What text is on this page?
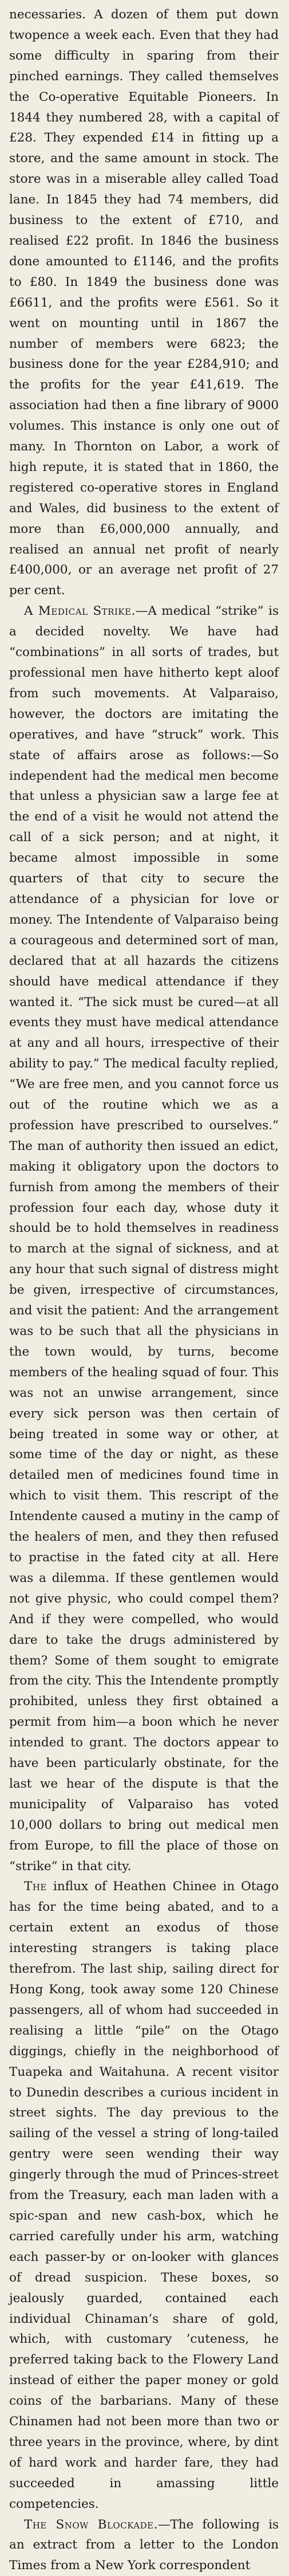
necessaries. A dozen of them put down twopence a week each. Even that they had some difficulty in sparing from their pinched earnings. They called themselves the Co-operative Equitable Pioneers. In 1844 they numbered 28, with a capital of £28. They expended £14 in fitting up a store, and the same amount in stock. The store was in a miserable alley called Toad lane. In 1845 they had 74 members, did business to the extent of £710, and realised £22 profit. In 1846 the business done amounted to £1146, and the profits to £80. In 1849 the business done was £6611, and the profits were £561. So it went on mounting until in 1867 the number of members were 6823; the business done for the year £284,910; and the profits for the year £41,619. The association had then a fine library of 9000 volumes. This instance is only one out of many. In Thornton on Labor, a work of high repute, it is stated that in 1860, the registered co-operative stores in England and Wales, did business to the extent of more than £6,000,000 annually, and realised an annual net profit of nearly £400,000, or an average net profit of 27 per cent.

A Medical Strike.—A medical “strike” is a decided novelty. We have had “combinations” in all sorts of trades, but professional men have hitherto kept aloof from such movements. At Valparaiso, however, the doctors are imitating the operatives, and have “struck” work. This state of affairs arose as follows:—So independent had the medical men become that unless a physician saw a large fee at the end of a visit he would not attend the call of a sick person; and at night, it became almost impossible in some quarters of that city to secure the attendance of a physician for love or money. The Intendente of Valparaiso being a courageous and determined sort of man, declared that at all hazards the citizens should have medical attendance if they wanted it. “The sick must be cured—at all events they must have medical attendance at any and all hours, irrespective of their ability to pay.” The medical faculty replied, “We are free men, and you cannot force us out of the routine which we as a profession have prescribed to ourselves.” The man of authority then issued an edict, making it obligatory upon the doctors to furnish from among the members of their profession four each day, whose duty it should be to hold themselves in readiness to march at the signal of sickness, and at any hour that such signal of distress might be given, irrespective of circumstances, and visit the patient: And the arrangement was to be such that all the physicians in the town would, by turns, become members of the healing squad of four. This was not an unwise arrangement, since every sick person was then certain of being treated in some way or other, at some time of the day or night, as these detailed men of medicines found time in which to visit them. This rescript of the Intendente caused a mutiny in the camp of the healers of men, and they then refused to practise in the fated city at all. Here was a dilemma. If these gentlemen would not give physic, who could compel them? And if they were compelled, who would dare to take the drugs administered by them? Some of them sought to emigrate from the city. This the Intendente promptly prohibited, unless they first obtained a permit from him—a boon which he never intended to grant. The doctors appear to have been particularly obstinate, for the last we hear of the dispute is that the municipality of Valparaiso has voted 10,000 dollars to bring out medical men from Europe, to fill the place of those on “strike” in that city.

The influx of Heathen Chinee in Otago has for the time being abated, and to a certain extent an exodus of those interesting strangers is taking place therefrom. The last ship, sailing direct for Hong Kong, took away some 120 Chinese passengers, all of whom had succeeded in realising a little “pile” on the Otago diggings, chiefly in the neighborhood of Tuapeka and Waitahuna. A recent visitor to Dunedin describes a curious incident in street sights. The day previous to the sailing of the vessel a string of long-tailed gentry were seen wending their way gingerly through the mud of Princes-street from the Treasury, each man laden with a spic-span and new cash-box, which he carried carefully under his arm, watching each passer-by or on-looker with glances of dread suspicion. These boxes, so jealously guarded, contained each individual Chinaman’s share of gold, which, with customary ’cuteness, he preferred taking back to the Flowery Land instead of either the paper money or gold coins of the barbarians. Many of these Chinamen had not been more than two or three years in the province, where, by dint of hard work and harder fare, they had succeeded in amassing little competencies.

The Snow Blockade.—The following is an extract from a letter to the London Times from a New York correspondent
